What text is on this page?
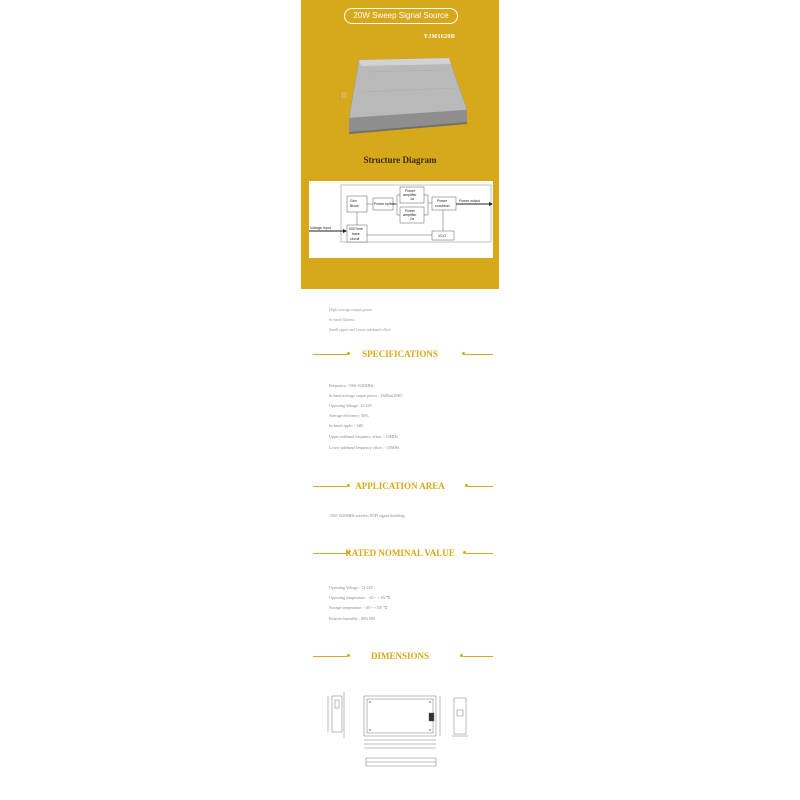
20W Sweep Signal Source
YJM1620B
Structure Diagram
Gen
Block	Power splitter
Power
amplifier
1a
Power
amplifier
2a
Power
combiner
Power output
Voltage input	500Time
base
circuit
VCO
High average output power
In-band flatness
Small upper and lower sideband offset
SPECIFICATIONS
Frequency: 1560-1620MHz
In-band average output power : 43dBm(20W)
Operating Voltage: 12-24V
Average efficiency: 30%
In-band ripple: <1dB
Upper sideband frequency offset :<10MHz
Lower sideband frequency offset : <10MHz
APPLICATION AREA
1560-1620MHz wireless WIFI signal shielding
RATED NOMINAL VALUE
Operating Voltage : 12-24V
Operating temperature : -20 ~ + 65 ℃
Storage temperature : -40 ~ +150 ℃
Relative humidity : 80% RH
DIMENSIONS
